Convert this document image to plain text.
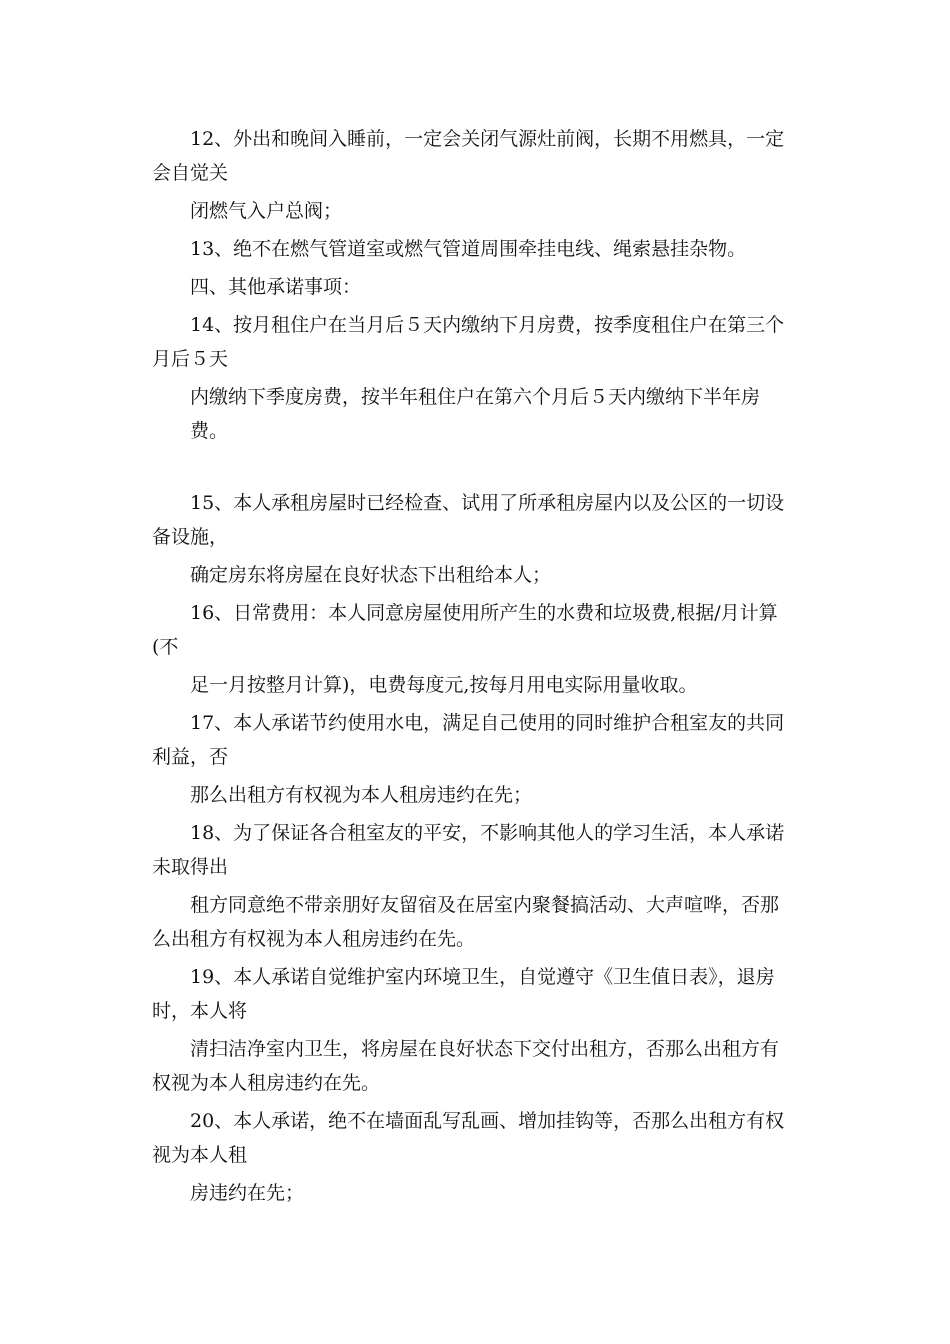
12、外出和晚间入睡前，一定会关闭气源灶前阀，长期不用燃具，一定会自觉关

闭燃气入户总阀；

13、绝不在燃气管道室或燃气管道周围牵挂电线、绳索悬挂杂物。

四、其他承诺事项：

14、按月租住户在当月后５天内缴纳下月房费，按季度租住户在第三个月后５天

内缴纳下季度房费，按半年租住户在第六个月后５天内缴纳下半年房费。

15、本人承租房屋时已经检查、试用了所承租房屋内以及公区的一切设备设施，

确定房东将房屋在良好状态下出租给本人；

16、日常费用：本人同意房屋使用所产生的水费和垃圾费,根据/月计算(不

足一月按整月计算)，电费每度元,按每月用电实际用量收取。

17、本人承诺节约使用水电，满足自己使用的同时维护合租室友的共同利益，否

那么出租方有权视为本人租房违约在先；

18、为了保证各合租室友的平安，不影响其他人的学习生活，本人承诺未取得出

租方同意绝不带亲朋好友留宿及在居室内聚餐搞活动、大声喧哗，否那么出租方有权视为本人租房违约在先。

19、本人承诺自觉维护室内环境卫生，自觉遵守《卫生值日表》，退房时，本人将

清扫洁净室内卫生，将房屋在良好状态下交付出租方，否那么出租方有权视为本人租房违约在先。

20、本人承诺，绝不在墙面乱写乱画、增加挂钩等，否那么出租方有权视为本人租

房违约在先；
